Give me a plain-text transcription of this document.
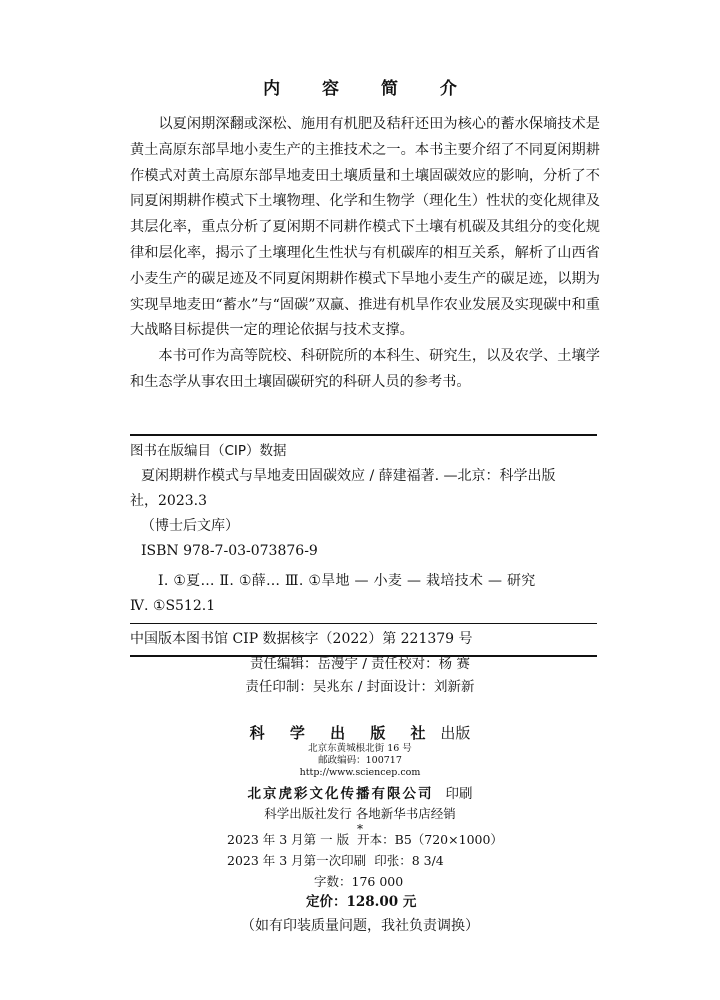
内 容 简 介

以夏闲期深翻或深松、施用有机肥及秸秆还田为核心的蓄水保墒技术是黄土高原东部旱地小麦生产的主推技术之一。本书主要介绍了不同夏闲期耕作模式对黄土高原东部旱地麦田土壤质量和土壤固碳效应的影响，分析了不同夏闲期耕作模式下土壤物理、化学和生物学（理化生）性状的变化规律及其层化率，重点分析了夏闲期不同耕作模式下土壤有机碳及其组分的变化规律和层化率，揭示了土壤理化生性状与有机碳库的相互关系，解析了山西省小麦生产的碳足迹及不同夏闲期耕作模式下旱地小麦生产的碳足迹，以期为实现旱地麦田“蓄水”与“固碳”双赢、推进有机旱作农业发展及实现碳中和重大战略目标提供一定的理论依据与技术支撑。

本书可作为高等院校、科研院所的本科生、研究生，以及农学、土壤学和生态学从事农田土壤固碳研究的科研人员的参考书。

图书在版编目（CIP）数据
夏闲期耕作模式与旱地麦田固碳效应 / 薛建福著. —北京：科学出版
社，2023.3
（博士后文库）
ISBN 978-7-03-073876-9
Ⅰ. ①夏… Ⅱ. ①薛… Ⅲ. ①旱地 — 小麦 — 栽培技术 — 研究
Ⅳ. ①S512.1
中国版本图书馆 CIP 数据核字（2022）第 221379 号
责任编辑：岳漫宇 / 责任校对：杨 赛
责任印制：吴兆东 / 封面设计：刘新新
科 学 出 版 社 出版
北京东黄城根北街 16 号
邮政编码：100717
http://www.sciencep.com
北京虎彩文化传播有限公司 印刷
科学出版社发行 各地新华书店经销
*
2023 年 3 月第 一 版 开本：B5（720×1000）
2023 年 3 月第一次印刷 印张：8 3/4
字数：176 000
定价：128.00 元
（如有印装质量问题，我社负责调换）
